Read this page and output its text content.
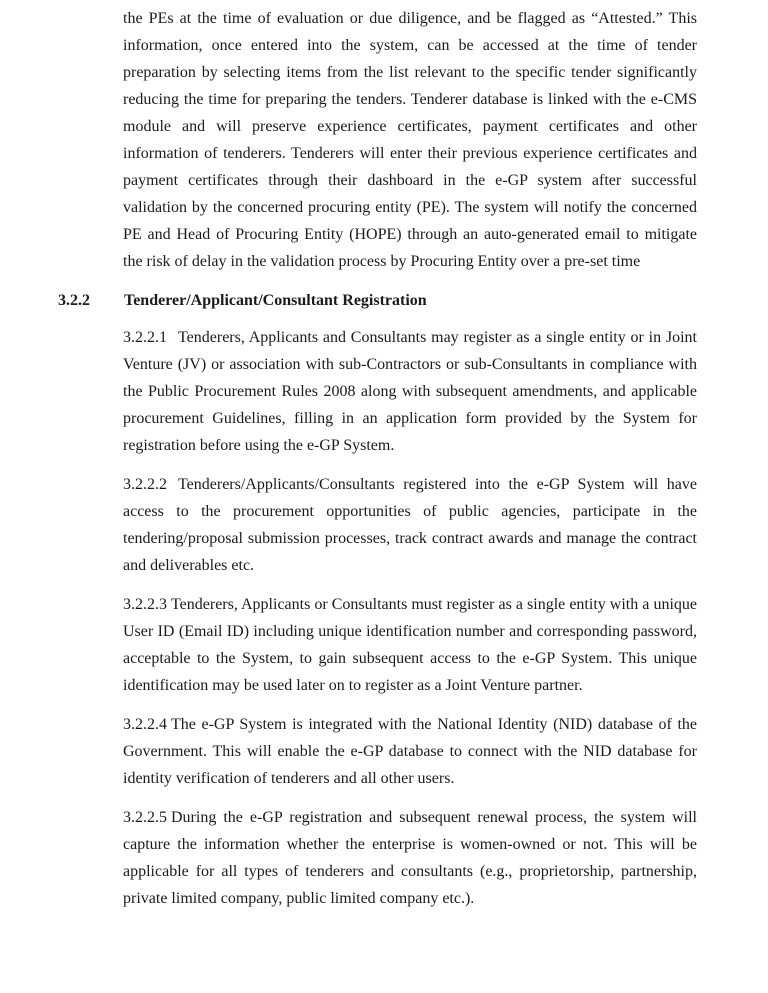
the PEs at the time of evaluation or due diligence, and be flagged as “Attested.” This information, once entered into the system, can be accessed at the time of tender preparation by selecting items from the list relevant to the specific tender significantly reducing the time for preparing the tenders. Tenderer database is linked with the e-CMS module and will preserve experience certificates, payment certificates and other information of tenderers. Tenderers will enter their previous experience certificates and payment certificates through their dashboard in the e-GP system after successful validation by the concerned procuring entity (PE). The system will notify the concerned PE and Head of Procuring Entity (HOPE) through an auto-generated email to mitigate the risk of delay in the validation process by Procuring Entity over a pre-set time

3.2.2 Tenderer/Applicant/Consultant Registration

3.2.2.1 Tenderers, Applicants and Consultants may register as a single entity or in Joint Venture (JV) or association with sub-Contractors or sub-Consultants in compliance with the Public Procurement Rules 2008 along with subsequent amendments, and applicable procurement Guidelines, filling in an application form provided by the System for registration before using the e-GP System.

3.2.2.2 Tenderers/Applicants/Consultants registered into the e-GP System will have access to the procurement opportunities of public agencies, participate in the tendering/proposal submission processes, track contract awards and manage the contract and deliverables etc.

3.2.2.3 Tenderers, Applicants or Consultants must register as a single entity with a unique User ID (Email ID) including unique identification number and corresponding password, acceptable to the System, to gain subsequent access to the e-GP System. This unique identification may be used later on to register as a Joint Venture partner.

3.2.2.4 The e-GP System is integrated with the National Identity (NID) database of the Government. This will enable the e-GP database to connect with the NID database for identity verification of tenderers and all other users.

3.2.2.5 During the e-GP registration and subsequent renewal process, the system will capture the information whether the enterprise is women-owned or not. This will be applicable for all types of tenderers and consultants (e.g., proprietorship, partnership, private limited company, public limited company etc.).
